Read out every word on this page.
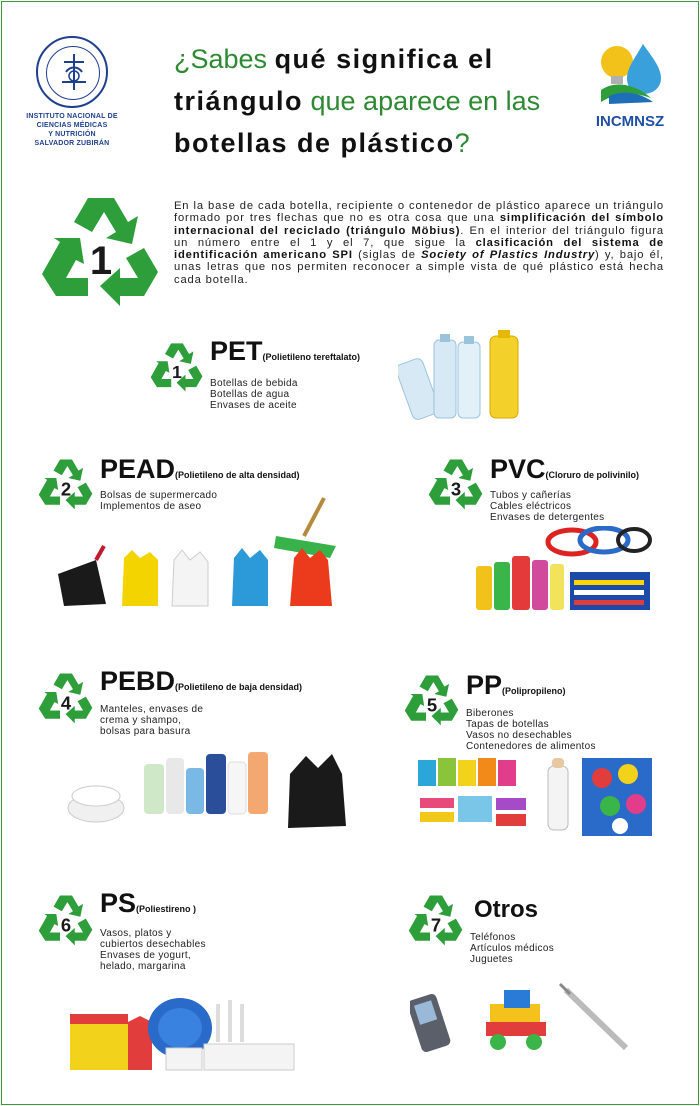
INSTITUTO NACIONAL DE
CIENCIAS MÉDICAS
Y NUTRICIÓN
SALVADOR ZUBIRÁN
¿Sabes qué significa el
triángulo que aparece en las
botellas de plástico?
INCMNSZ
1
En la base de cada botella, recipiente o contenedor de plástico aparece un triángulo formado por tres flechas que no es otra cosa que una simplificación del símbolo internacional del reciclado (triángulo Möbius). En el interior del triángulo figura un número entre el 1 y el 7, que sigue la clasificación del sistema de identificación americano SPI (siglas de Society of Plastics Industry) y, bajo él, unas letras que nos permiten reconocer a simple vista de qué plástico está hecha cada botella.
1
PET(Polietileno tereftalato)
Botellas de bebida
Botellas de agua
Envases de aceite
2
PEAD(Polietileno de alta densidad)
Bolsas de supermercado
Implementos de aseo
3
PVC(Cloruro de polivinilo)
Tubos y cañerías
Cables eléctricos
Envases de detergentes
4
PEBD(Polietileno de baja densidad)
Manteles, envases de
crema y shampo,
bolsas para basura
5
PP(Polipropileno)
Biberones
Tapas de botellas
Vasos no desechables
Contenedores de alimentos
6
PS(Poliestireno )
Vasos, platos y
cubiertos desechables
Envases de yogurt,
helado, margarina
7
Otros
Teléfonos
Artículos médicos
Juguetes
